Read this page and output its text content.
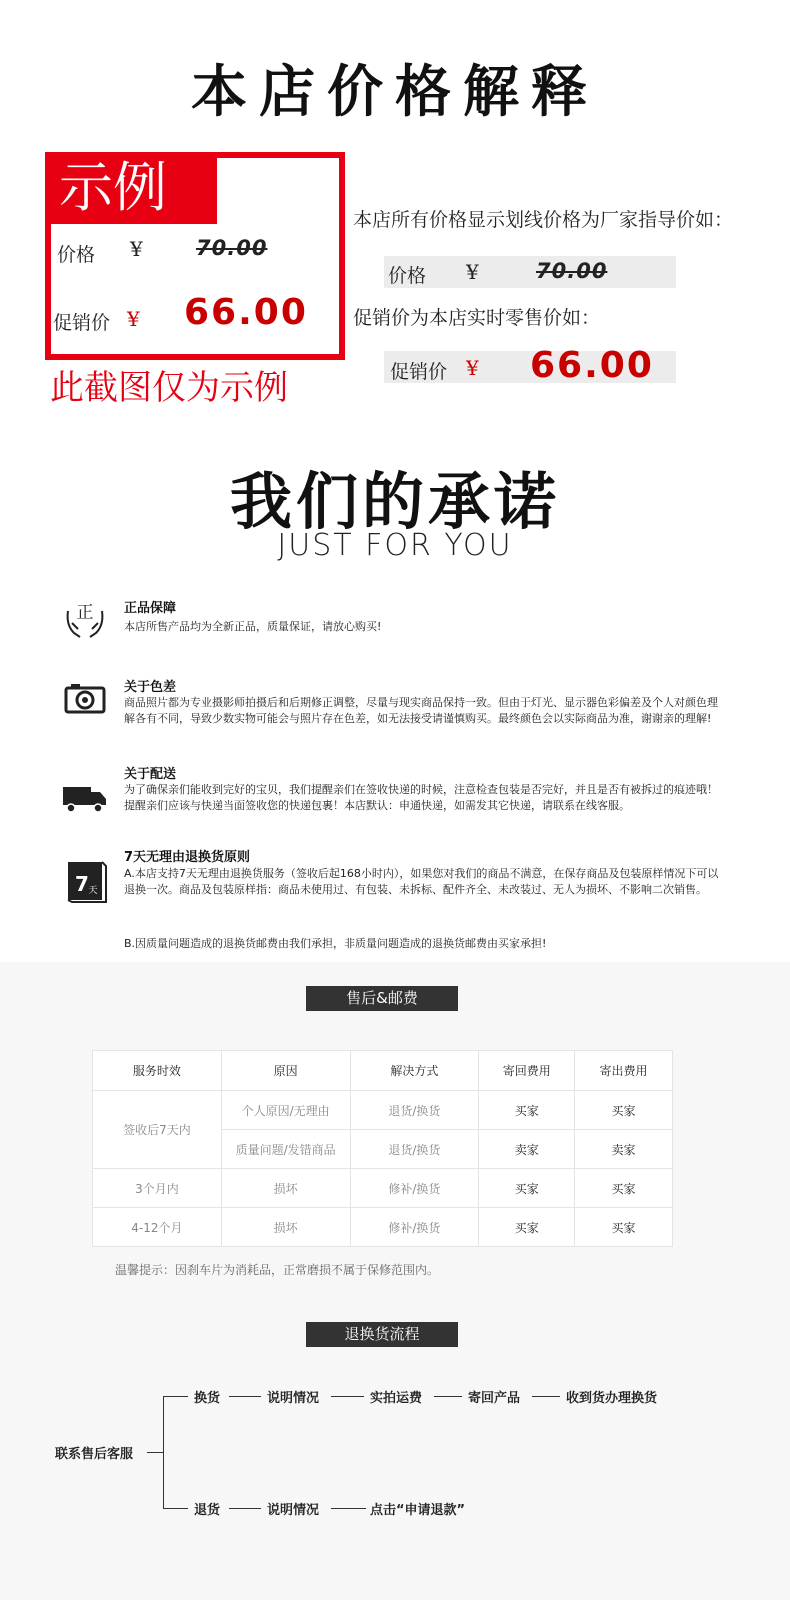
本店价格解释
示例
价格 ¥	70.00
促销价 ¥ 66.00
此截图仅为示例
本店所有价格显示划线价格为厂家指导价如：
价格 ¥	70.00
促销价为本店实时零售价如：
促销价 ¥ 66.00
我们的承诺
JUST FOR YOU
正 正品保障
本店所售产品均为全新正品，质量保证，请放心购买!
关于色差
商品照片都为专业摄影师拍摄后和后期修正调整，尽量与现实商品保持一致。但由于灯光、显示器色彩偏差及个人对颜色理解各有不同，导致少数实物可能会与照片存在色差，如无法接受请谨慎购买。最终颜色会以实际商品为准，谢谢亲的理解!
关于配送
为了确保亲们能收到完好的宝贝，我们提醒亲们在签收快递的时候，注意检查包装是否完好，并且是否有被拆过的痕迹哦！提醒亲们应该与快递当面签收您的快递包裹！本店默认：申通快递，如需发其它快递，请联系在线客服。
7 天
7天无理由退换货原则
A.本店支持7天无理由退换货服务（签收后起168小时内），如果您对我们的商品不满意，在保存商品及包装原样情况下可以退换一次。商品及包装原样指：商品未使用过、有包装、未拆标、配件齐全、未改装过、无人为损坏、不影响二次销售。
B.因质量问题造成的退换货邮费由我们承担，非质量问题造成的退换货邮费由买家承担!
售后&邮费
服务时效	原因	解决方式	寄回费用	寄出费用
签收后7天内	个人原因/无理由	退货/换货	买家	买家
	质量问题/发错商品	退货/换货	卖家	卖家
3个月内	损坏	修补/换货	买家	买家
4-12个月	损坏	修补/换货	买家	买家
温馨提示：因刹车片为消耗品，正常磨损不属于保修范围内。
退换货流程
联系售后客服
换货	说明情况	实拍运费	寄回产品	收到货办理换货
退货	说明情况	点击“申请退款”
